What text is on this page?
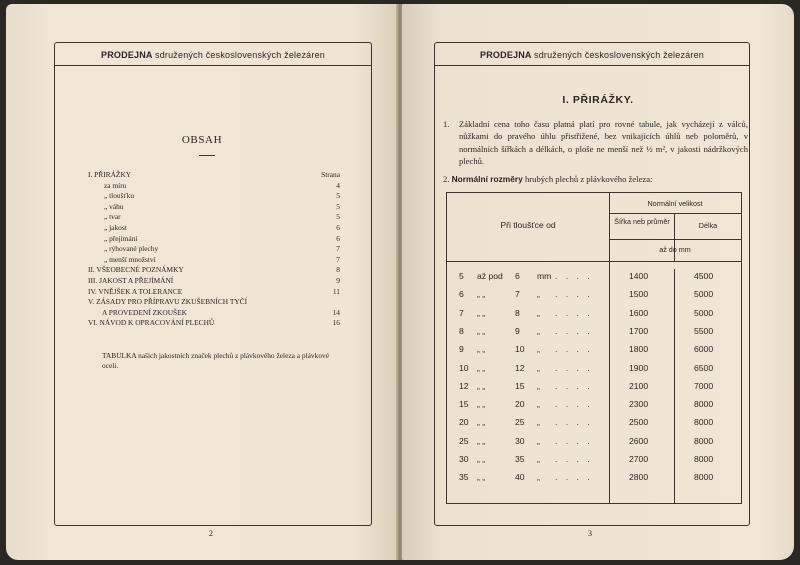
PRODEJNA sdružených československých železáren
OBSAH
I. PŘIRÁŽKY	Strana
za míru	4
„ tloušťku	5
„ váhu	5
„ tvar	5
„ jakost	6
„ přejímání	6
„ rýhované plechy	7
„ menší množství	7
II. VŠEOBECNÉ POZNÁMKY	8
III. JAKOST A PŘEJÍMÁNÍ	9
IV. VNĚJŠEK A TOLERANCE	11
V. ZÁSADY PRO PŘÍPRAVU ZKUŠEBNÍCH TYČÍ
A PROVEDENÍ ZKOUŠEK	14
VI. NÁVOD K OPRACOVÁNÍ PLECHŮ	16
TABULKA našich jakostních značek plechů z plávkového železa a plávkové oceli.
2
PRODEJNA sdružených československých železáren
I. PŘIRÁŽKY.
1. Základní cena toho času platná platí pro rovné tabule, jak vycházejí z válců, nůžkami do pravého úhlu přistřižené, bez vnikajících úhlů neb poloměrů, v normálních šířkách a délkách, o ploše ne menší než ½ m², v jakosti nádržkových plechů.
2. Normální rozměry hrubých plechů z plávkového železa:
Při tloušťce od
Normální velikost
Šířka neb průměr	Délka
až do mm
5 až pod 6 mm	1400	4500
. . . .
6 „ „	7 „	1500	5000
. . . .
7 „ „	8 „	1600	5000
. . . .
8 „ „	9 „	1700	5500
. . . .
9 „ „	10 „	1800	6000
. . . .
10 „ „	12 „	1900	6500
. . . .
12 „ „	15 „	2100	7000
. . . .
15 „ „	20 „	2300	8000
. . . .
20 „ „	25 „	2500	8000
. . . .
25 „ „	30 „	2600	8000
. . . .
30 „ „	35 „	2700	8000
. . . .
35 „ „	40 „	2800	8000
. . . .
3
